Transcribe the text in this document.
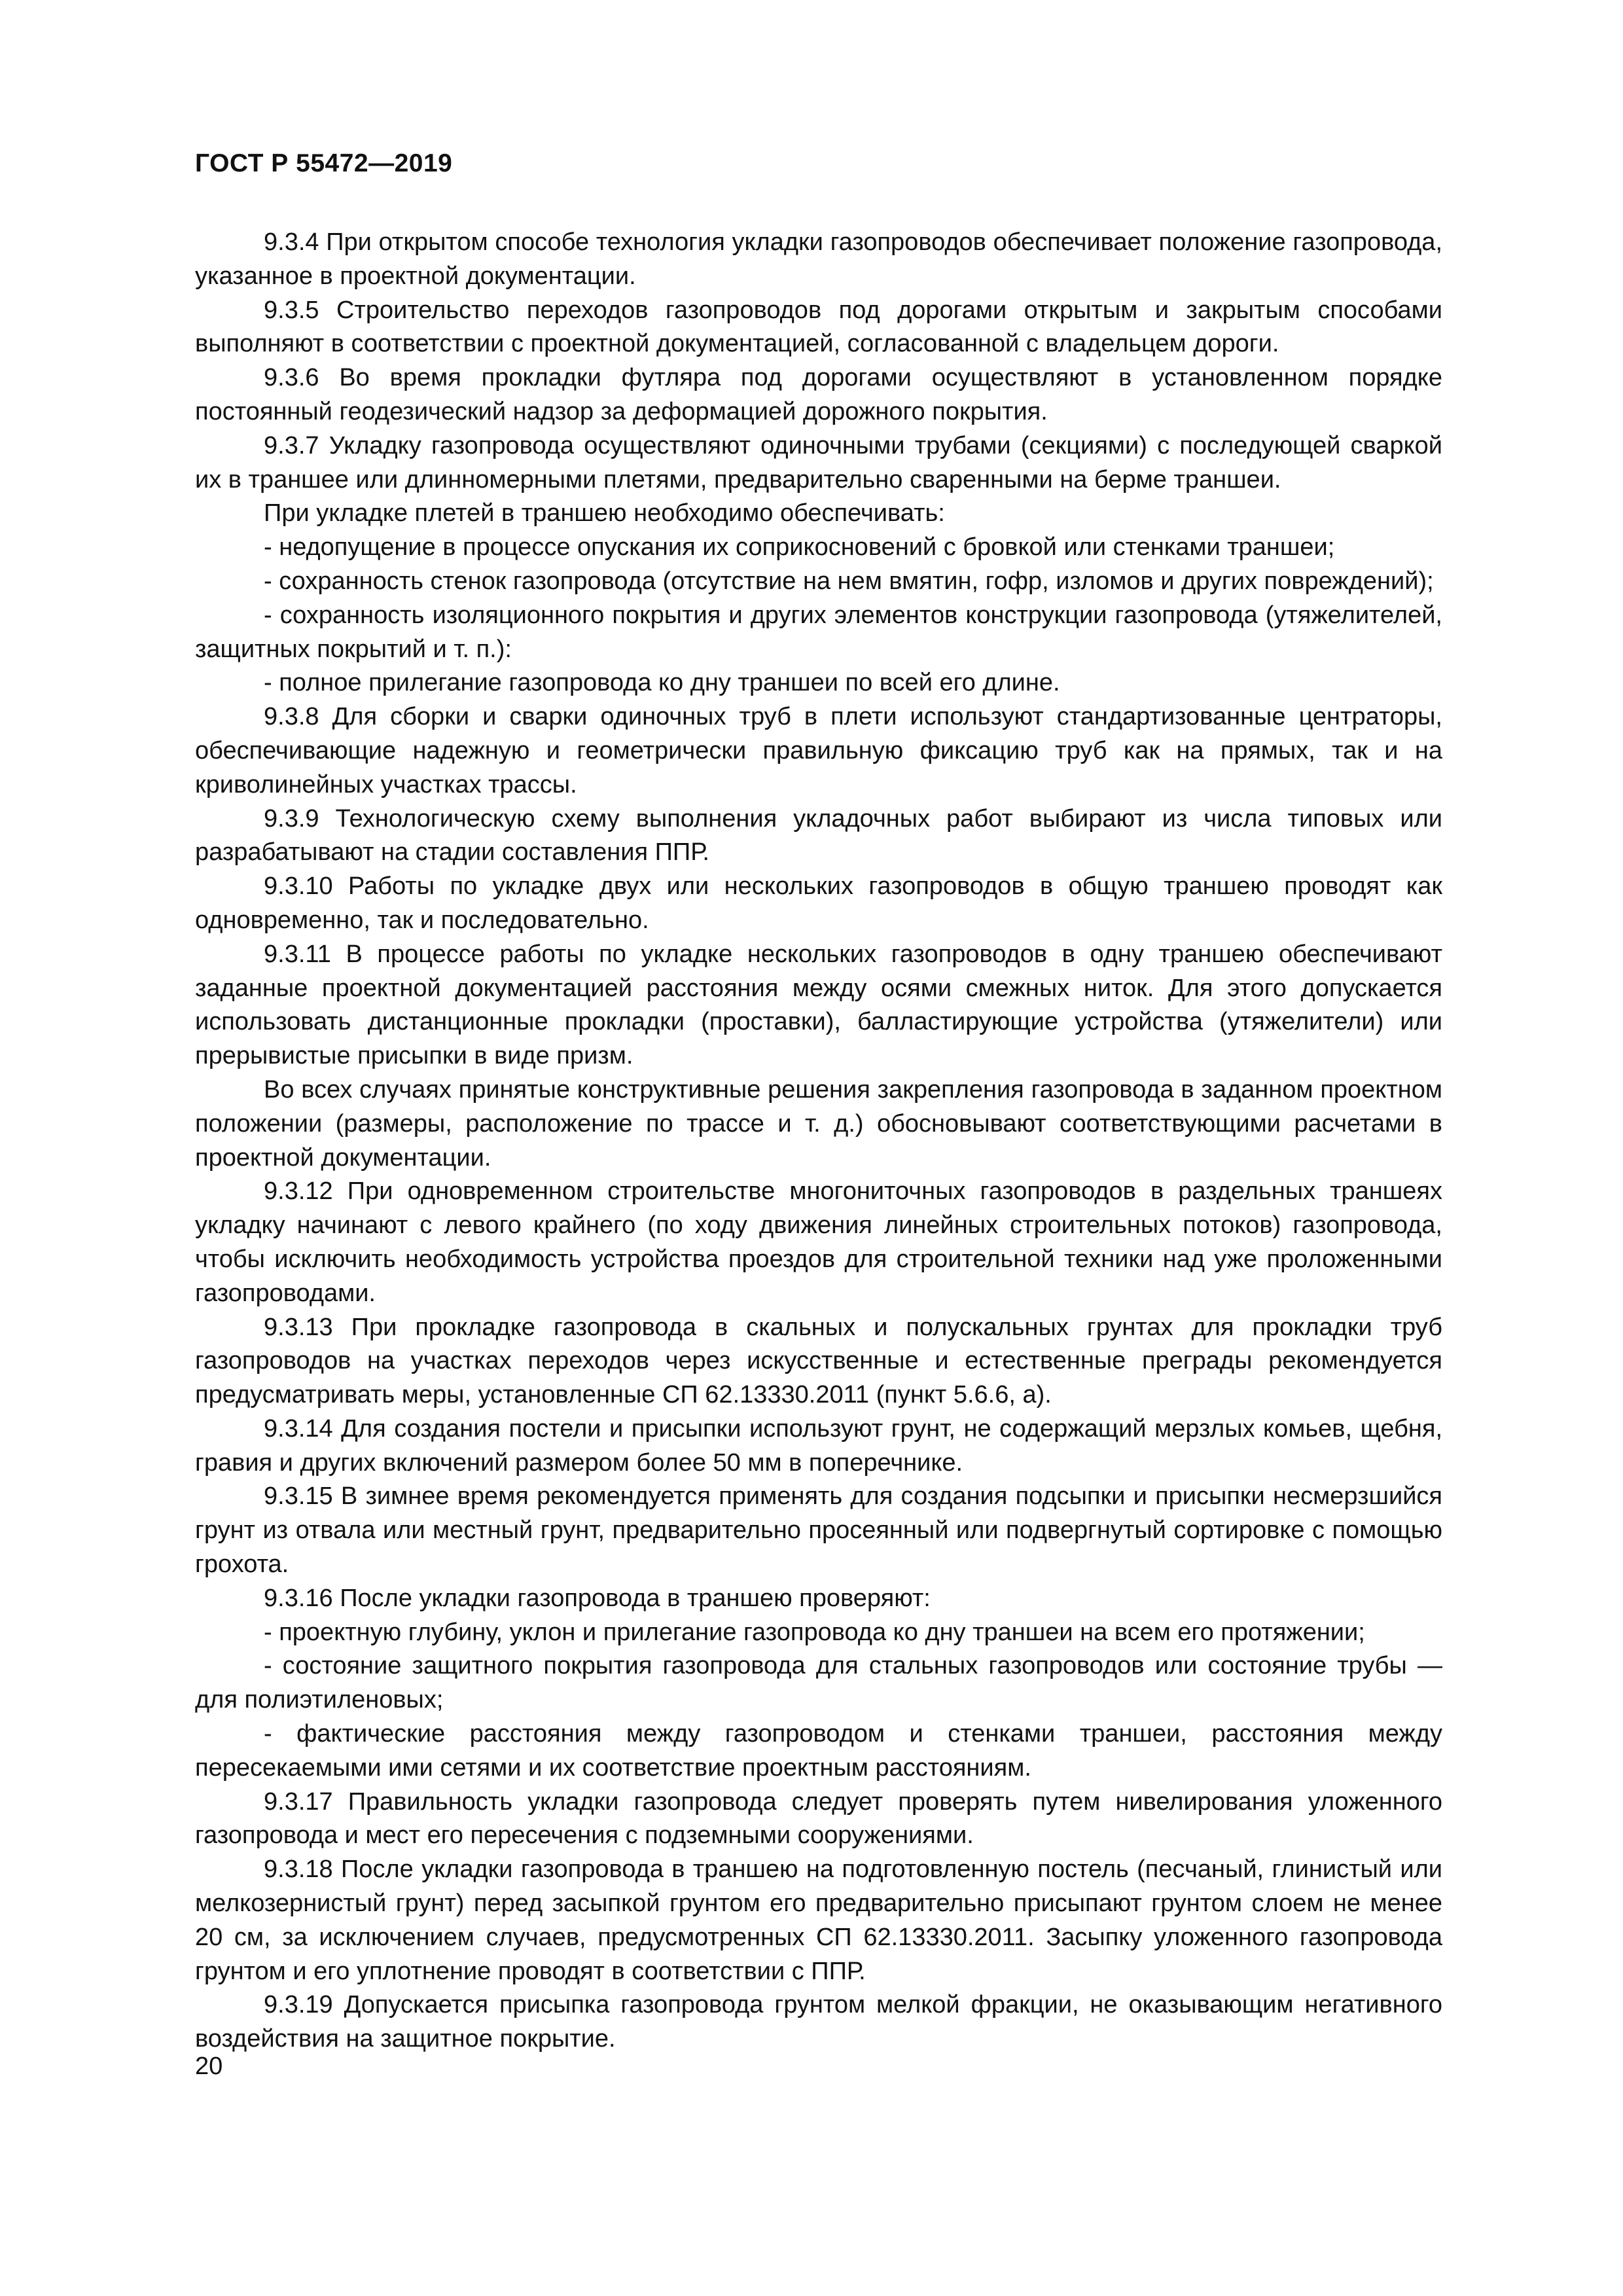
ГОСТ Р 55472—2019

9.3.4 При открытом способе технология укладки газопроводов обеспечивает положение газопровода, указанное в проектной документации.

9.3.5 Строительство переходов газопроводов под дорогами открытым и закрытым способами выполняют в соответствии с проектной документацией, согласованной с владельцем дороги.

9.3.6 Во время прокладки футляра под дорогами осуществляют в установленном порядке постоянный геодезический надзор за деформацией дорожного покрытия.

9.3.7 Укладку газопровода осуществляют одиночными трубами (секциями) с последующей сваркой их в траншее или длинномерными плетями, предварительно сваренными на берме траншеи.

При укладке плетей в траншею необходимо обеспечивать:

- недопущение в процессе опускания их соприкосновений с бровкой или стенками траншеи;

- сохранность стенок газопровода (отсутствие на нем вмятин, гофр, изломов и других повреждений);

- сохранность изоляционного покрытия и других элементов конструкции газопровода (утяжелителей, защитных покрытий и т. п.):

- полное прилегание газопровода ко дну траншеи по всей его длине.

9.3.8 Для сборки и сварки одиночных труб в плети используют стандартизованные центраторы, обеспечивающие надежную и геометрически правильную фиксацию труб как на прямых, так и на криволинейных участках трассы.

9.3.9 Технологическую схему выполнения укладочных работ выбирают из числа типовых или разрабатывают на стадии составления ППР.

9.3.10 Работы по укладке двух или нескольких газопроводов в общую траншею проводят как одновременно, так и последовательно.

9.3.11 В процессе работы по укладке нескольких газопроводов в одну траншею обеспечивают заданные проектной документацией расстояния между осями смежных ниток. Для этого допускается использовать дистанционные прокладки (проставки), балластирующие устройства (утяжелители) или прерывистые присыпки в виде призм.

Во всех случаях принятые конструктивные решения закрепления газопровода в заданном проектном положении (размеры, расположение по трассе и т. д.) обосновывают соответствующими расчетами в проектной документации.

9.3.12 При одновременном строительстве многониточных газопроводов в раздельных траншеях укладку начинают с левого крайнего (по ходу движения линейных строительных потоков) газопровода, чтобы исключить необходимость устройства проездов для строительной техники над уже проложенными газопроводами.

9.3.13 При прокладке газопровода в скальных и полускальных грунтах для прокладки труб газопроводов на участках переходов через искусственные и естественные преграды рекомендуется предусматривать меры, установленные СП 62.13330.2011 (пункт 5.6.6, а).

9.3.14 Для создания постели и присыпки используют грунт, не содержащий мерзлых комьев, щебня, гравия и других включений размером более 50 мм в поперечнике.

9.3.15 В зимнее время рекомендуется применять для создания подсыпки и присыпки несмерзшийся грунт из отвала или местный грунт, предварительно просеянный или подвергнутый сортировке с помощью грохота.

9.3.16 После укладки газопровода в траншею проверяют:

- проектную глубину, уклон и прилегание газопровода ко дну траншеи на всем его протяжении;

- состояние защитного покрытия газопровода для стальных газопроводов или состояние трубы — для полиэтиленовых;

- фактические расстояния между газопроводом и стенками траншеи, расстояния между пересекаемыми ими сетями и их соответствие проектным расстояниям.

9.3.17 Правильность укладки газопровода следует проверять путем нивелирования уложенного газопровода и мест его пересечения с подземными сооружениями.

9.3.18 После укладки газопровода в траншею на подготовленную постель (песчаный, глинистый или мелкозернистый грунт) перед засыпкой грунтом его предварительно присыпают грунтом слоем не менее 20 см, за исключением случаев, предусмотренных СП 62.13330.2011. Засыпку уложенного газопровода грунтом и его уплотнение проводят в соответствии с ППР.

9.3.19 Допускается присыпка газопровода грунтом мелкой фракции, не оказывающим негативного воздействия на защитное покрытие.

20
